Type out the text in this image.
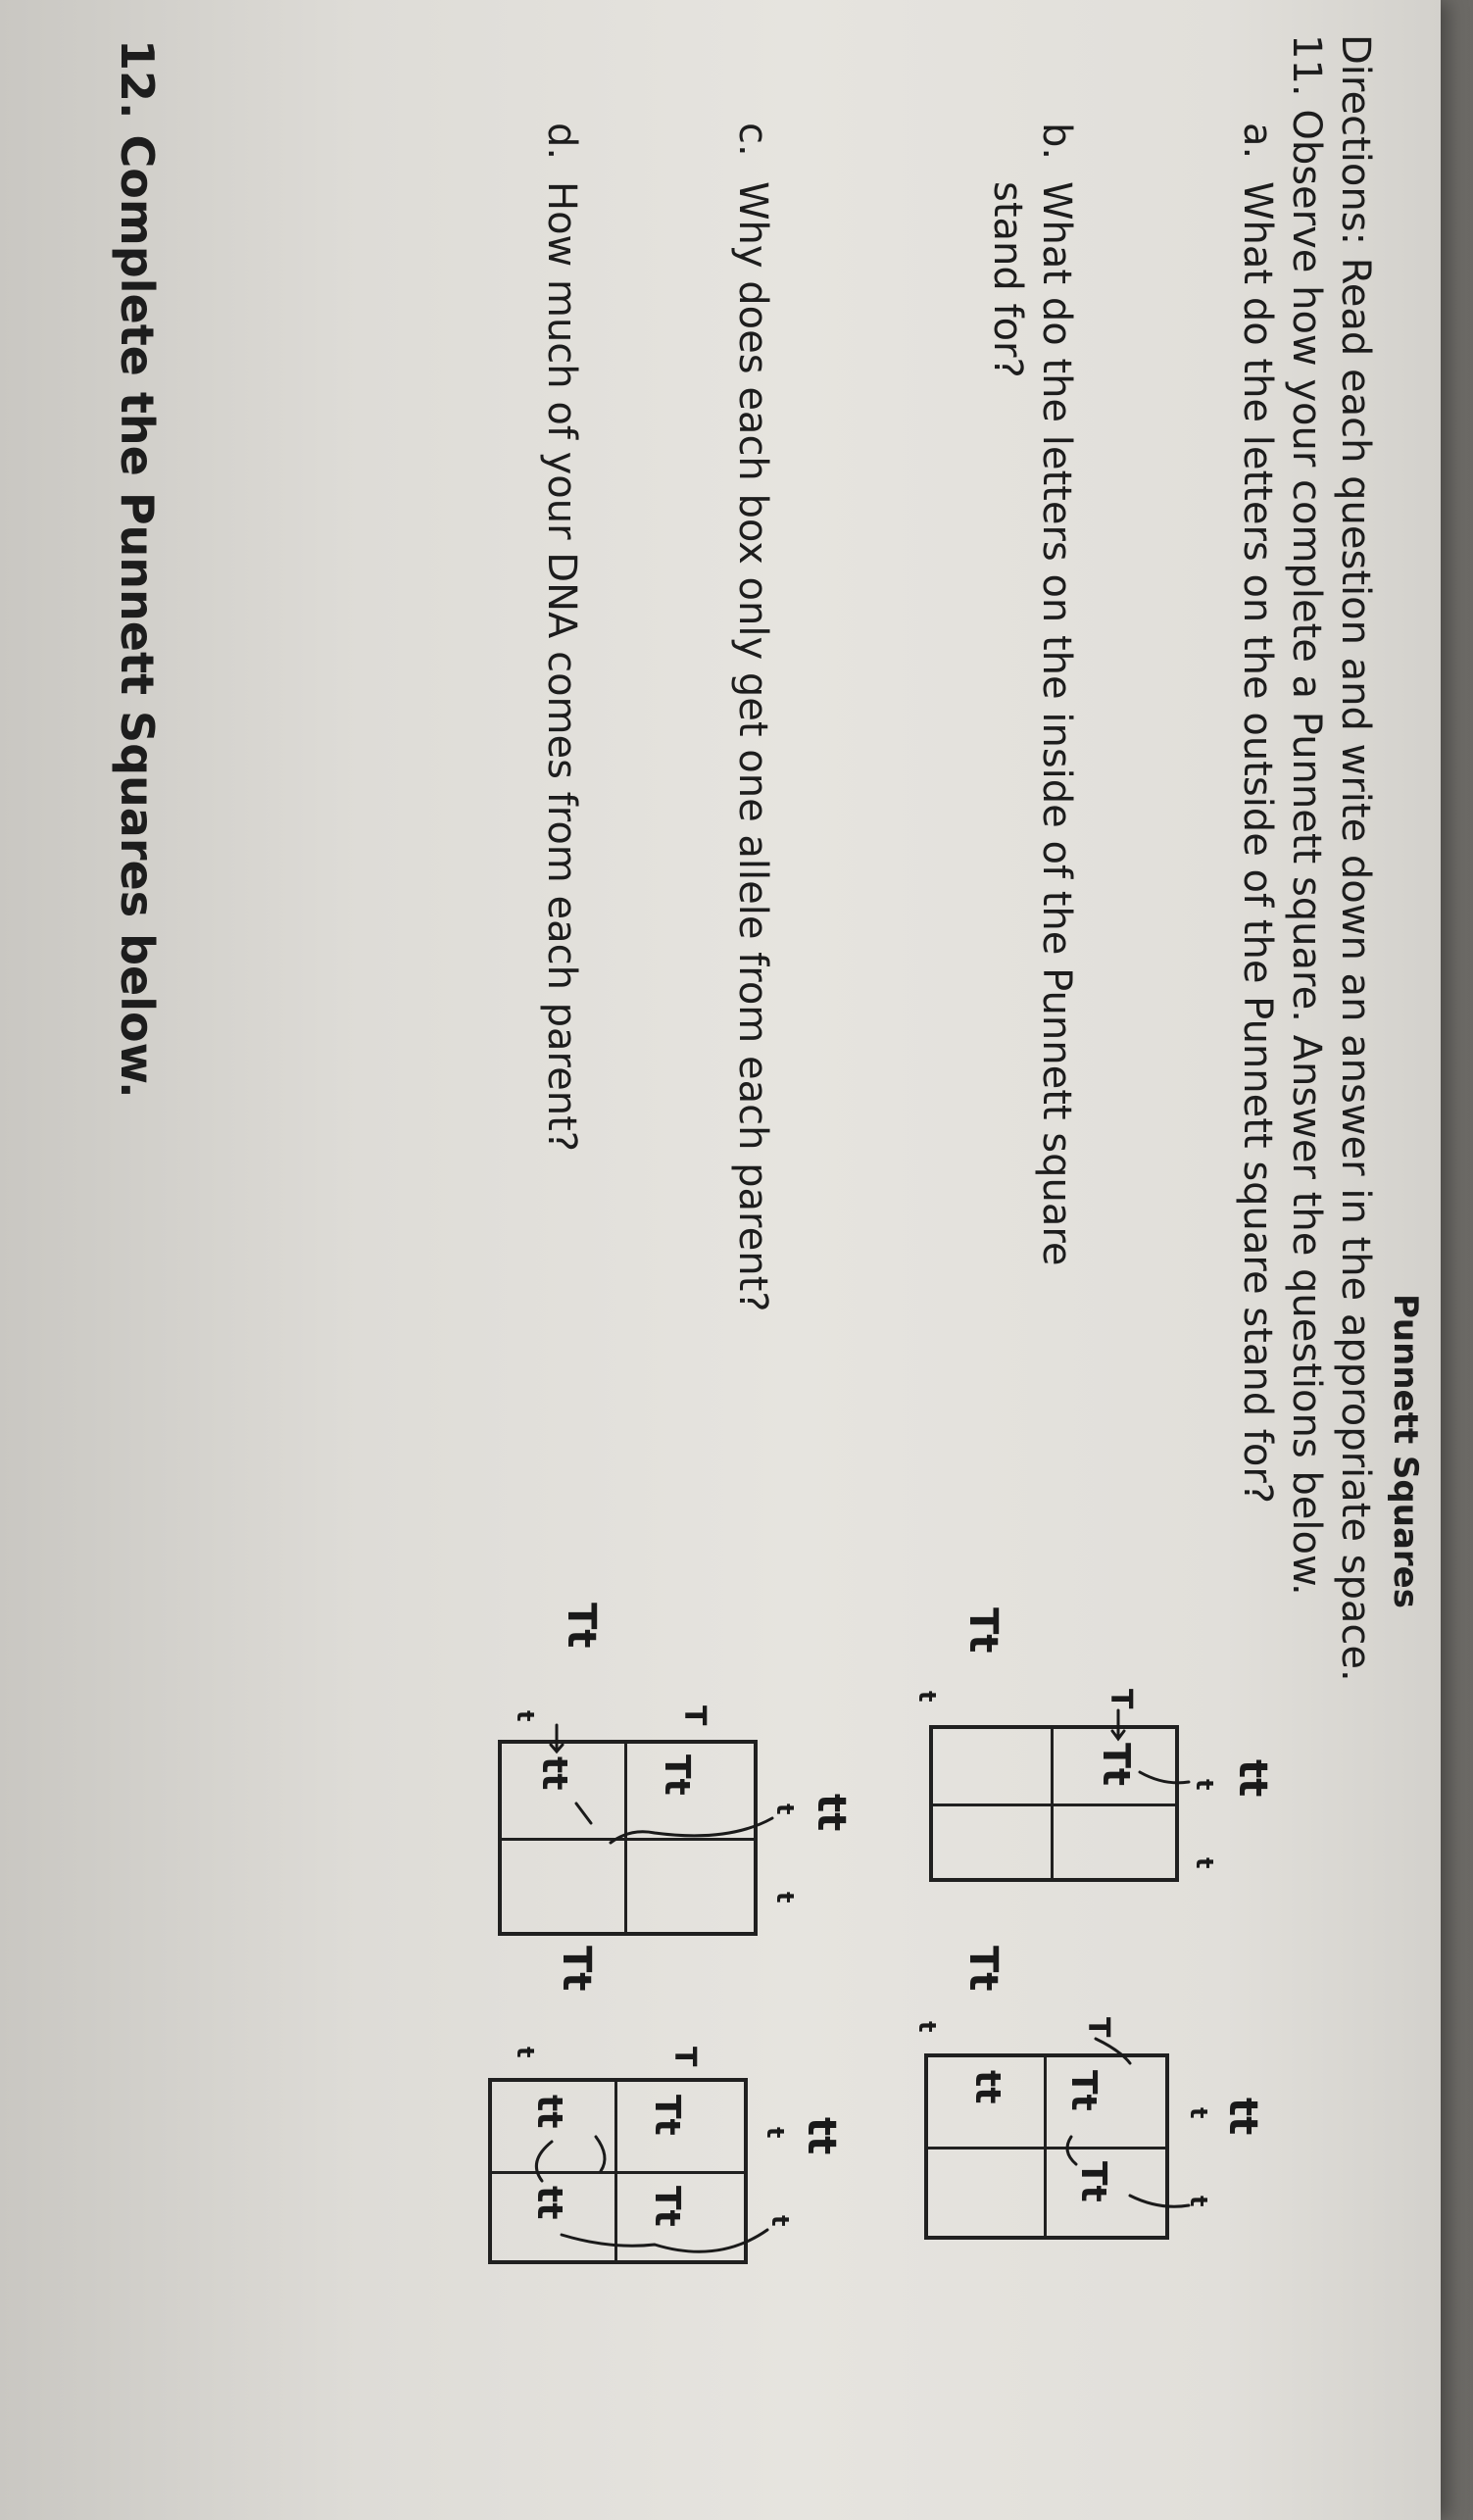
Punnett Squares
Directions: Read each question and write down an answer in the appropriate space.
11. Observe how your complete a Punnett square. Answer the questions below.
a.
What do the letters on the outside of the Punnett square stand for?
b.
What do the letters on the inside of the Punnett square
stand for?
c.
Why does each box only get one allele from each parent?
d.
How much of your DNA comes from each parent?
12. Complete the Punnett Squares below.
tt
t
t
Tt
T
t
Tt
tt
t
t
Tt
T
t
Tt
Tt
tt
tt
t
t
Tt
T
t
Tt
tt
tt
t
t
Tt
T
t
Tt
Tt
tt
tt
